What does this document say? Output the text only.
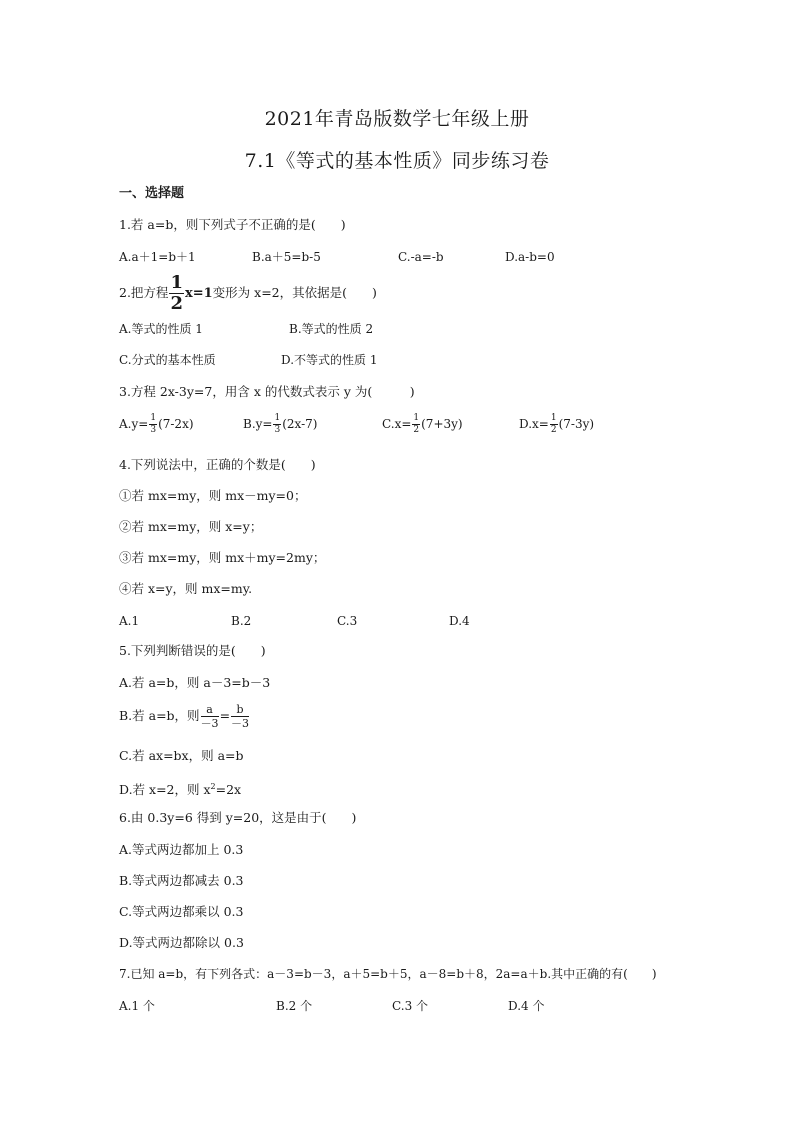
2021年青岛版数学七年级上册
7.1《等式的基本性质》同步练习卷
一、选择题
1.若 a=b，则下列式子不正确的是(　　)
A.a＋1=b＋1	B.a＋5=b-5	C.-a=-b	D.a-b=0
2.把方程 $\frac{1}{2} x=1$变形为 x=2，其依据是(　　)
A.等式的性质 1	B.等式的性质 2
C.分式的基本性质	D.不等式的性质 1
3.方程 2x-3y=7，用含 x 的代数式表示 y 为(　　　)
$A.y= \frac{1}{3} (7-2x)$	$B.y= \frac{1}{3} (2x-7)$	$C.x= \frac{1}{2} (7+3y)$	$D.x= \frac{1}{2} (7-3y)$
4.下列说法中，正确的个数是(　　)
①若 mx=my，则 mx－my=0；
②若 mx=my，则 x=y；
③若 mx=my，则 mx＋my=2my；
④若 x=y，则 mx=my.
A.1	B.2	C.3	D.4
5.下列判断错误的是(　　)
A.若 a=b，则 a－3=b－3
B.若 a=b，则 $\frac{a}{-3} = \frac{b}{-3}$
C.若 ax=bx，则 a=b
D.若 x=2，则 $x^2=2x$
6.由 0.3y=6 得到 y=20，这是由于(　　)
A.等式两边都加上 0.3
B.等式两边都减去 0.3
C.等式两边都乘以 0.3
D.等式两边都除以 0.3
7.已知 a=b，有下列各式：a－3=b－3，a＋5=b＋5，a－8=b＋8，2a=a＋b.其中正确的有(　　)
A.1 个	B.2 个	C.3 个	D.4 个
